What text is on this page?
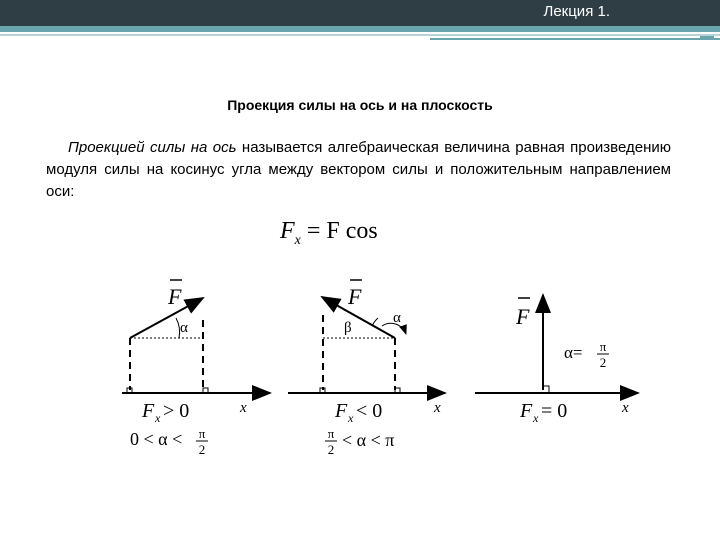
Лекция 1.
Проекция силы на ось и на плоскость
Проекцией силы на ось называется алгебраическая величина равная произведению модуля силы на косинус угла между вектором силы и положительным направлением оси:
$F_x = F$ cos
F
α
x
F x > 0
0 < α < π
2
F
β
α
x
F x < 0
π
2 < α < π
F
α= π
2
x
F x = 0
